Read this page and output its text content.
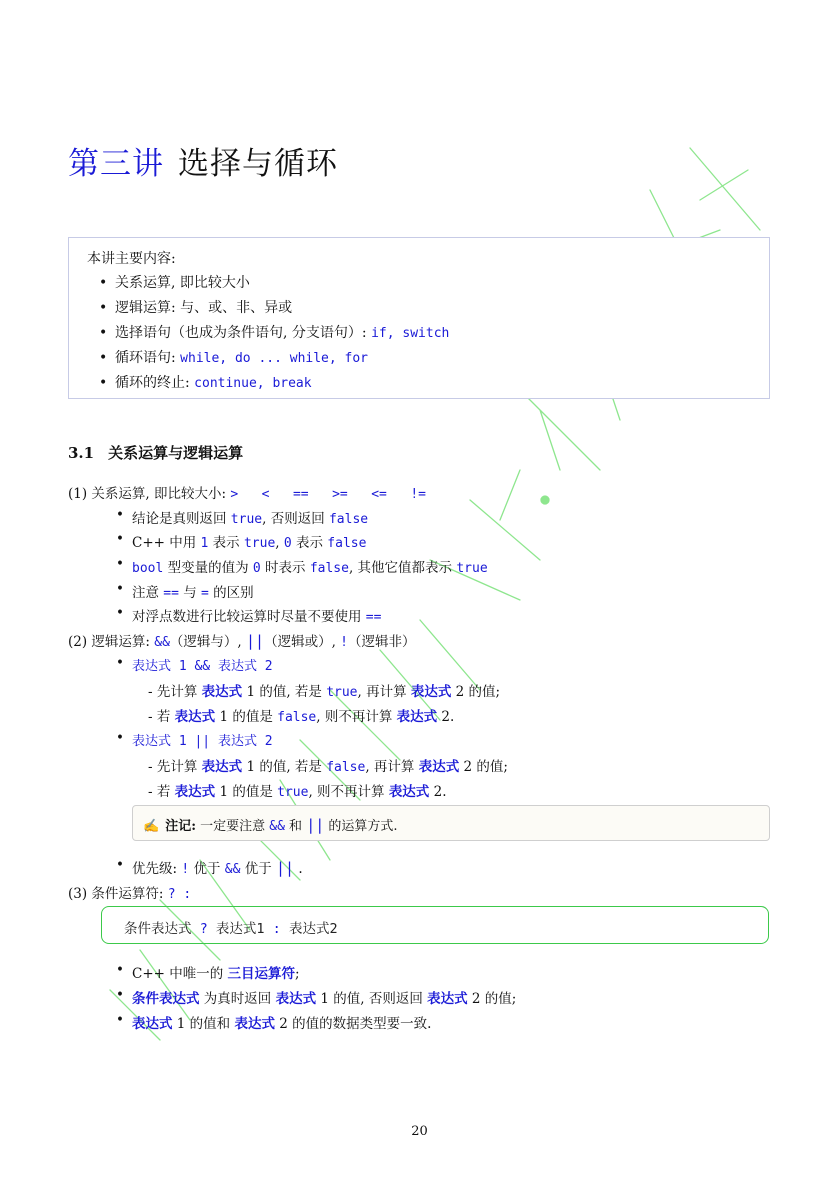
第三讲 选择与循环
本讲主要内容:
• 关系运算, 即比较大小
• 逻辑运算: 与、或、非、异或
• 选择语句（也成为条件语句, 分支语句）: if, switch
• 循环语句: while, do ... while, for
• 循环的终止: continue, break
3.1 关系运算与逻辑运算
(1) 关系运算, 即比较大小: >   <   ==   >=   <=   !=
• 结论是真则返回 true, 否则返回 false
• C++ 中用 1 表示 true, 0 表示 false
• bool 型变量的值为 0 时表示 false, 其他它值都表示 true
• 注意 == 与 = 的区别
• 对浮点数进行比较运算时尽量不要使用 ==
(2) 逻辑运算: &&（逻辑与）, ||（逻辑或）, !（逻辑非）
• 表达式 1 && 表达式 2
- 先计算 表达式 1 的值, 若是 true, 再计算 表达式 2 的值;
- 若 表达式 1 的值是 false, 则不再计算 表达式 2.
• 表达式 1 || 表达式 2
- 先计算 表达式 1 的值, 若是 false, 再计算 表达式 2 的值;
- 若 表达式 1 的值是 true, 则不再计算 表达式 2.
✍ 注记: 一定要注意 && 和 || 的运算方式.
• 优先级: ! 优于 && 优于 || .
(3) 条件运算符: ? :
条件表达式 ? 表达式1 : 表达式2
• C++ 中唯一的 三目运算符;
• 条件表达式 为真时返回 表达式 1 的值, 否则返回 表达式 2 的值;
• 表达式 1 的值和 表达式 2 的值的数据类型要一致.
20
